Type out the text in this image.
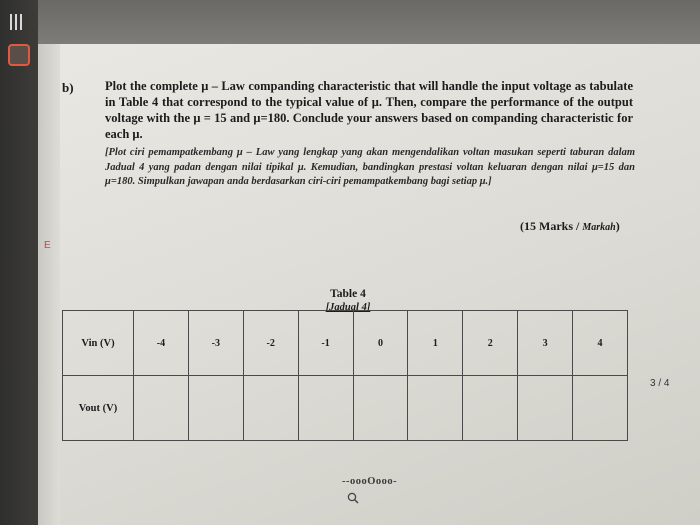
E
b)	Plot the complete μ – Law companding characteristic that will handle the input voltage as tabulate in Table 4 that correspond to the typical value of μ. Then, compare the performance of the output voltage with the μ = 15 and μ=180. Conclude your answers based on companding characteristic for each μ.
[Plot ciri pemampatkembang μ – Law yang lengkap yang akan mengendalikan voltan masukan seperti taburan dalam Jadual 4 yang padan dengan nilai tipikal μ. Kemudian, bandingkan prestasi voltan keluaran dengan nilai μ=15 dan μ=180. Simpulkan jawapan anda berdasarkan ciri-ciri pemampatkembang bagi setiap μ.]
(15 Marks / Markah)
Table 4
[Jadual 4]
Vin (V)	-4	-3	-2	-1	0	1	2	3	4
Vout (V)									
3 / 4
--oooOooo-
